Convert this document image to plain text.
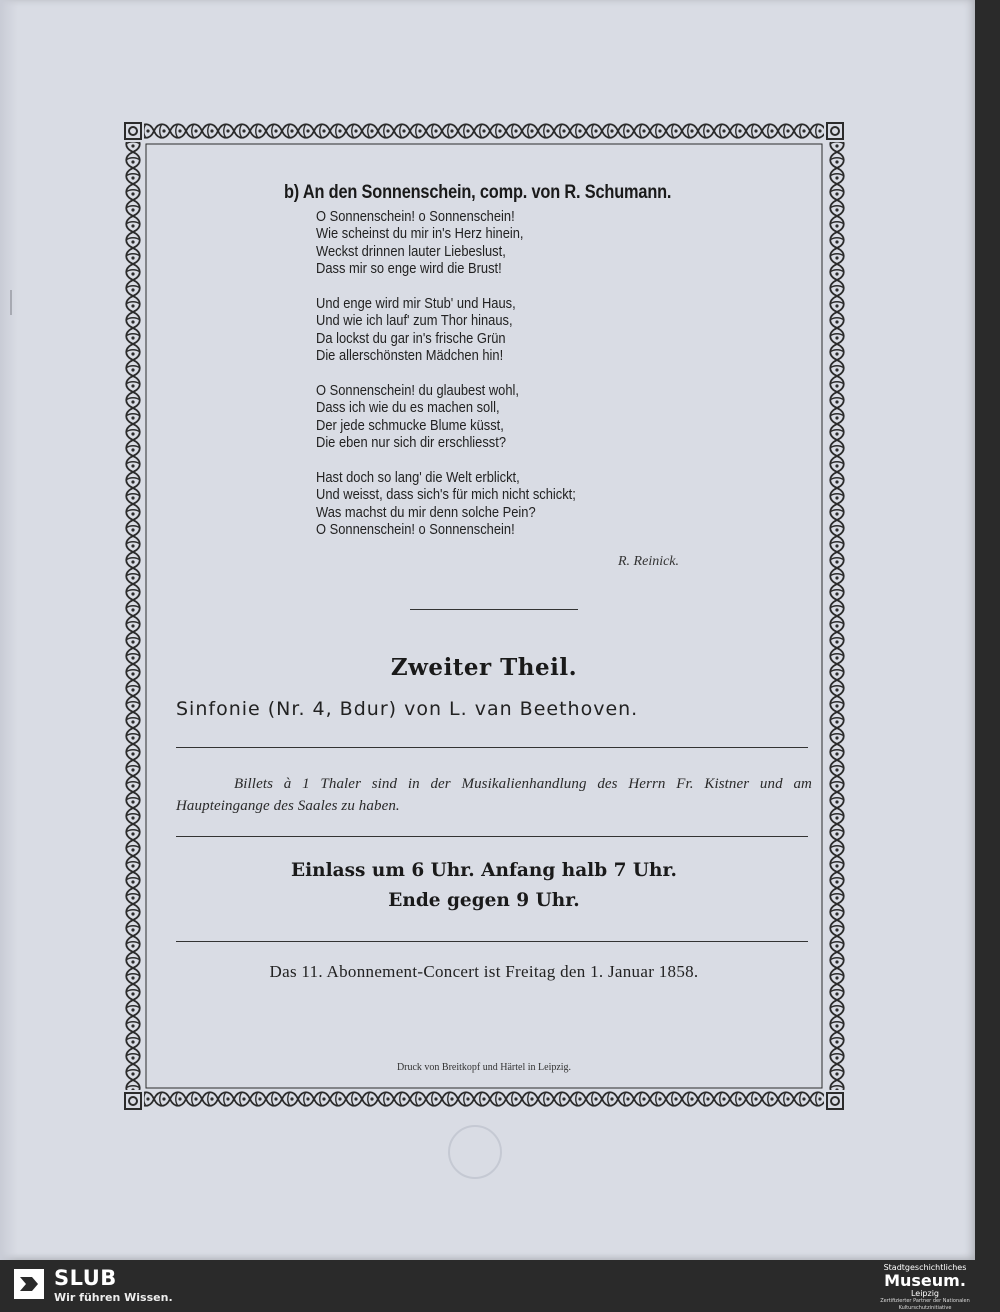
b) An den Sonnenschein, comp. von R. Schumann.
O Sonnenschein! o Sonnenschein!
Wie scheinst du mir in's Herz hinein,
Weckst drinnen lauter Liebeslust,
Dass mir so enge wird die Brust!
Und enge wird mir Stub' und Haus,
Und wie ich lauf' zum Thor hinaus,
Da lockst du gar in's frische Grün
Die allerschönsten Mädchen hin!
O Sonnenschein! du glaubest wohl,
Dass ich wie du es machen soll,
Der jede schmucke Blume küsst,
Die eben nur sich dir erschliesst?
Hast doch so lang' die Welt erblickt,
Und weisst, dass sich's für mich nicht schickt;
Was machst du mir denn solche Pein?
O Sonnenschein! o Sonnenschein!
R. Reinick.
Zweiter Theil.
Sinfonie (Nr. 4, Bdur) von L. van Beethoven.
Billets à 1 Thaler sind in der Musikalienhandlung des Herrn Fr. Kistner und am Haupteingange des Saales zu haben.
Einlass um 6 Uhr. Anfang halb 7 Uhr.
Ende gegen 9 Uhr.
Das 11. Abonnement-Concert ist Freitag den 1. Januar 1858.
Druck von Breitkopf und Härtel in Leipzig.
SLUB
Wir führen Wissen.
Stadtgeschichtliches
Museum.
Leipzig
Zertifizierter Partner der Nationalen Kulturschutzinitiative
